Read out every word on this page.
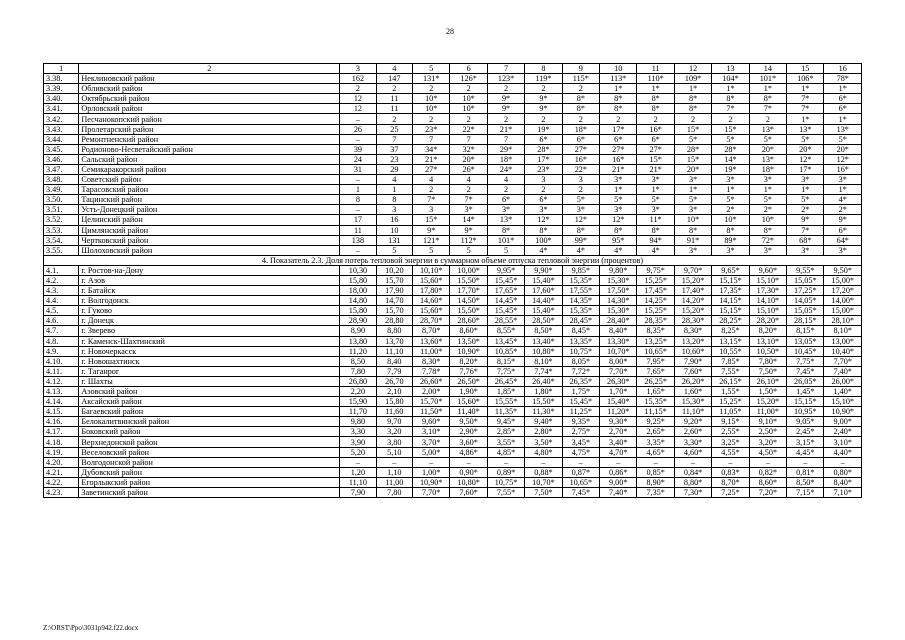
28
1	2	3	4	5	6	7	8	9	10	11	12	13	14	15	16
3.38.	Неклиновский район	162	147	131*	126*	123*	119*	115*	113*	110*	109*	104*	101*	106*	78*
3.39.	Обливский район	2	2	2	2	2	2	2	1*	1*	1*	1*	1*	1*	1*
3.40.	Октябрьский район	12	11	10*	10*	9*	9*	8*	8*	8*	8*	8*	8*	7*	6*
3.41.	Орловский район	12	11	10*	10*	9*	9*	8*	8*	8*	8*	7*	7*	7*	6*
3.42.	Песчанокопский район	–	2	2	2	2	2	2	2	2	2	2	2	1*	1*
3.43.	Пролетарский район	26	25	23*	22*	21*	19*	18*	17*	16*	15*	15*	13*	13*	13*
3.44.	Ремонтненский район	–	7	7	7	7	6*	6*	6*	6*	5*	5*	5*	5*	5*
3.45.	Родионово-Несветайский район	39	37	34*	32*	29*	28*	27*	27*	27*	28*	28*	20*	20*	20*
3.46.	Сальский район	24	23	21*	20*	18*	17*	16*	16*	15*	15*	14*	13*	12*	12*
3.47.	Семикаракорский район	31	29	27*	26*	24*	23*	22*	21*	21*	20*	19*	18*	17*	16*
3.48.	Советский район	–	4	4	4	4	3	3	3*	3*	3*	3*	3*	3*	3*
3.49.	Тарасовский район	1	1	2	2	2	2	2	1*	1*	1*	1*	1*	1*	1*
3.50.	Тацинский район	8	8	7*	7*	6*	6*	5*	5*	5*	5*	5*	5*	5*	4*
3.51.	Усть-Донецкий район	–	3	3	3*	3*	3*	3*	3*	3*	3*	2*	2*	2*	2*
3.52.	Целинский район	17	16	15*	14*	13*	12*	12*	12*	11*	10*	10*	10*	9*	9*
3.53.	Цимлянский район	11	10	9*	9*	8*	8*	8*	8*	8*	8*	8*	8*	7*	6*
3.54.	Чертковский район	138	131	121*	112*	101*	100*	99*	95*	94*	91*	89*	72*	68*	64*
3.55.	Шолоховский район	–	5	5	5	5	4*	4*	4*	4*	3*	3*	3*	3*	3*
4. Показатель 2.3. Доля потерь тепловой энергии в суммарном объеме отпуска тепловой энергии (процентов)															
4.1.	г. Ростов-на-Дону	10,30	10,20	10,10*	10,00*	9,95*	9,90*	9,85*	9,80*	9,75*	9,70*	9,65*	9,60*	9,55*	9,50*
4.2.	г. Азов	15,80	15,70	15,60*	15,50*	15,45*	15,40*	15,35*	15,30*	15,25*	15,20*	15,15*	15,10*	15,05*	15,00*
4.3.	г. Батайск	18,00	17,90	17,80*	17,70*	17,65*	17,60*	17,55*	17,50*	17,45*	17,40*	17,35*	17,30*	17,25*	17,20*
4.4.	г. Волгодонск	14,80	14,70	14,60*	14,50*	14,45*	14,40*	14,35*	14,30*	14,25*	14,20*	14,15*	14,10*	14,05*	14,00*
4.5.	г. Гуково	15,80	15,70	15,60*	15,50*	15,45*	15,40*	15,35*	15,30*	15,25*	15,20*	15,15*	15,10*	15,05*	15,00*
4.6.	г. Донецк	28,90	28,80	28,70*	28,60*	28,55*	28,50*	28,45*	28,40*	28,35*	28,30*	28,25*	28,20*	28,15*	28,10*
4.7.	г. Зверево	8,90	8,80	8,70*	8,60*	8,55*	8,50*	8,45*	8,40*	8,35*	8,30*	8,25*	8,20*	8,15*	8,10*
4.8.	г. Каменск-Шахтинский	13,80	13,70	13,60*	13,50*	13,45*	13,40*	13,35*	13,30*	13,25*	13,20*	13,15*	13,10*	13,05*	13,00*
4.9.	г. Новочеркасск	11,20	11,10	11,00*	10,90*	10,85*	10,80*	10,75*	10,70*	10,65*	10,60*	10,55*	10,50*	10,45*	10,40*
4.10.	г. Новошахтинск	8,50	8,40	8,30*	8,20*	8,15*	8,10*	8,05*	8,00*	7,95*	7,90*	7,85*	7,80*	7,75*	7,70*
4.11.	г. Таганрог	7,80	7,79	7,78*	7,76*	7,75*	7,74*	7,72*	7,70*	7,65*	7,60*	7,55*	7,50*	7,45*	7,40*
4.12.	г. Шахты	26,80	26,70	26,60*	26,50*	26,45*	26,40*	26,35*	26,30*	26,25*	26,20*	26,15*	26,10*	26,05*	26,00*
4.13.	Азовский район	2,20	2,10	2,00*	1,90*	1,85*	1,80*	1,75*	1,70*	1,65*	1,60*	1,55*	1,50*	1,45*	1,40*
4.14.	Аксайский район	15,90	15,80	15,70*	15,60*	15,55*	15,50*	15,45*	15,40*	15,35*	15,30*	15,25*	15,20*	15,15*	15,10*
4.15.	Багаевский район	11,70	11,60	11,50*	11,40*	11,35*	11,30*	11,25*	11,20*	11,15*	11,10*	11,05*	11,00*	10,95*	10,90*
4.16.	Белокалитвинский район	9,80	9,70	9,60*	9,50*	9,45*	9,40*	9,35*	9,30*	9,25*	9,20*	9,15*	9,10*	9,05*	9,00*
4.17.	Боковский район	3,30	3,20	3,10*	2,90*	2,85*	2,80*	2,75*	2,70*	2,65*	2,60*	2,55*	2,50*	2,45*	2,40*
4.18.	Верхнедонской район	3,90	3,80	3,70*	3,60*	3,55*	3,50*	3,45*	3,40*	3,35*	3,30*	3,25*	3,20*	3,15*	3,10*
4.19.	Веселовский район	5,20	5,10	5,00*	4,86*	4,85*	4,80*	4,75*	4,70*	4,65*	4,60*	4,55*	4,50*	4,45*	4,40*
4.20.	Волгодонской район	–	–	–	–	–	–	–	–	–	–	–	–	–	–
4.21.	Дубовский район	1,20	1,10	1,00*	0,90*	0,89*	0,88*	0,87*	0,86*	0,85*	0,84*	0,83*	0,82*	0,81*	0,80*
4.22.	Егорлыкский район	11,10	11,00	10,90*	10,80*	10,75*	10,70*	10,65*	9,00*	8,90*	8,80*	8,70*	8,60*	8,50*	8,40*
4.23.	Заветинский район	7,90	7,80	7,70*	7,60*	7,55*	7,50*	7,45*	7,40*	7,35*	7,30*	7,25*	7,20*	7,15*	7,10*
Z:\ORST\Ppo\3031p942.f22.docx
